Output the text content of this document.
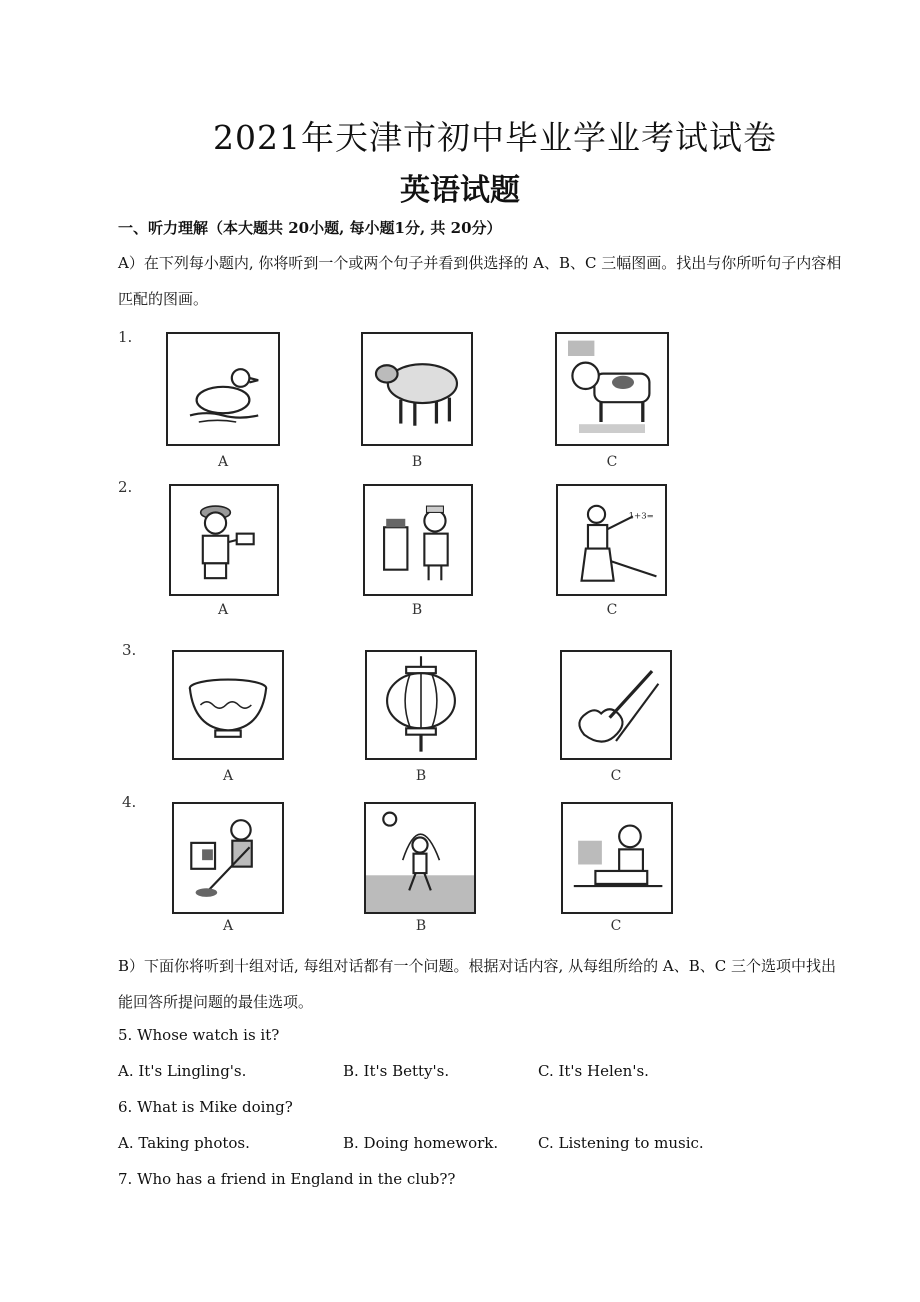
2021年天津市初中毕业学业考试试卷
英语试题
一、听力理解（本大题共 20小题, 每小题1分, 共 20分）
A）在下列每小题内, 你将听到一个或两个句子并看到供选择的 A、B、C 三幅图画。找出与你所听句子内容相匹配的图画。
1.
A	B	C
2.
1+3=
A	B	C
3.
A	B	C
4.
A	B	C
B）下面你将听到十组对话, 每组对话都有一个问题。根据对话内容, 从每组所给的 A、B、C 三个选项中找出能回答所提问题的最佳选项。
5. Whose watch is it?
A. It's Lingling's.	B. It's Betty's.	C. It's Helen's.
6. What is Mike doing?
A. Taking photos.	B. Doing homework.	C. Listening to music.
7. Who has a friend in England in the club??
